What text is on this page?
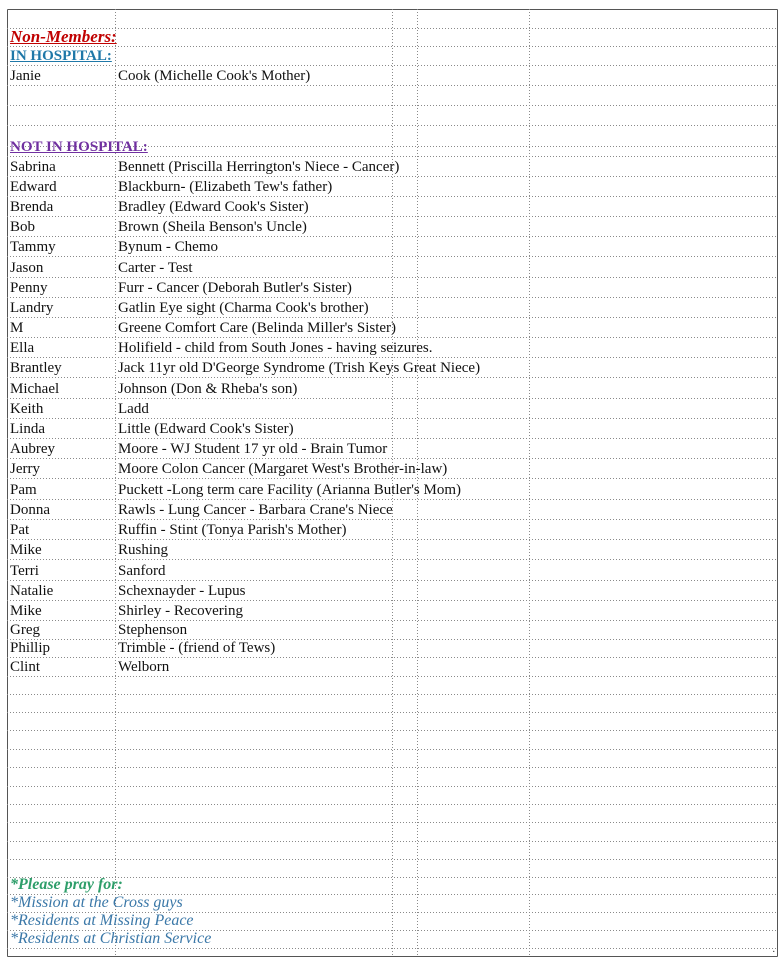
Non-Members:
IN HOSPITAL:
Janie	Cook (Michelle Cook's Mother)
NOT IN HOSPITAL:
Sabrina	Bennett (Priscilla Herrington's Niece - Cancer)
Edward	Blackburn- (Elizabeth Tew's father)
Brenda	Bradley (Edward Cook's Sister)
Bob	Brown (Sheila Benson's Uncle)
Tammy	Bynum - Chemo
Jason	Carter - Test
Penny	Furr - Cancer (Deborah Butler's Sister)
Landry	Gatlin Eye sight (Charma Cook's brother)
M	Greene Comfort Care (Belinda Miller's Sister)
Ella	Holifield - child from South Jones - having seizures.
Brantley	Jack 11yr old D'George Syndrome (Trish Keys Great Niece)
Michael	Johnson (Don & Rheba's son)
Keith	Ladd
Linda	Little (Edward Cook's Sister)
Aubrey	Moore - WJ Student 17 yr old - Brain Tumor
Jerry	Moore Colon Cancer (Margaret West's Brother-in-law)
Pam	Puckett -Long term care Facility (Arianna Butler's Mom)
Donna	Rawls - Lung Cancer - Barbara Crane's Niece
Pat	Ruffin - Stint (Tonya Parish's Mother)
Mike	Rushing
Terri	Sanford
Natalie	Schexnayder - Lupus
Mike	Shirley - Recovering
Greg	Stephenson
Phillip	Trimble - (friend of Tews)
Clint	Welborn
*Please pray for:
*Mission at the Cross guys
*Residents at Missing Peace
*Residents at Christian Service
.
